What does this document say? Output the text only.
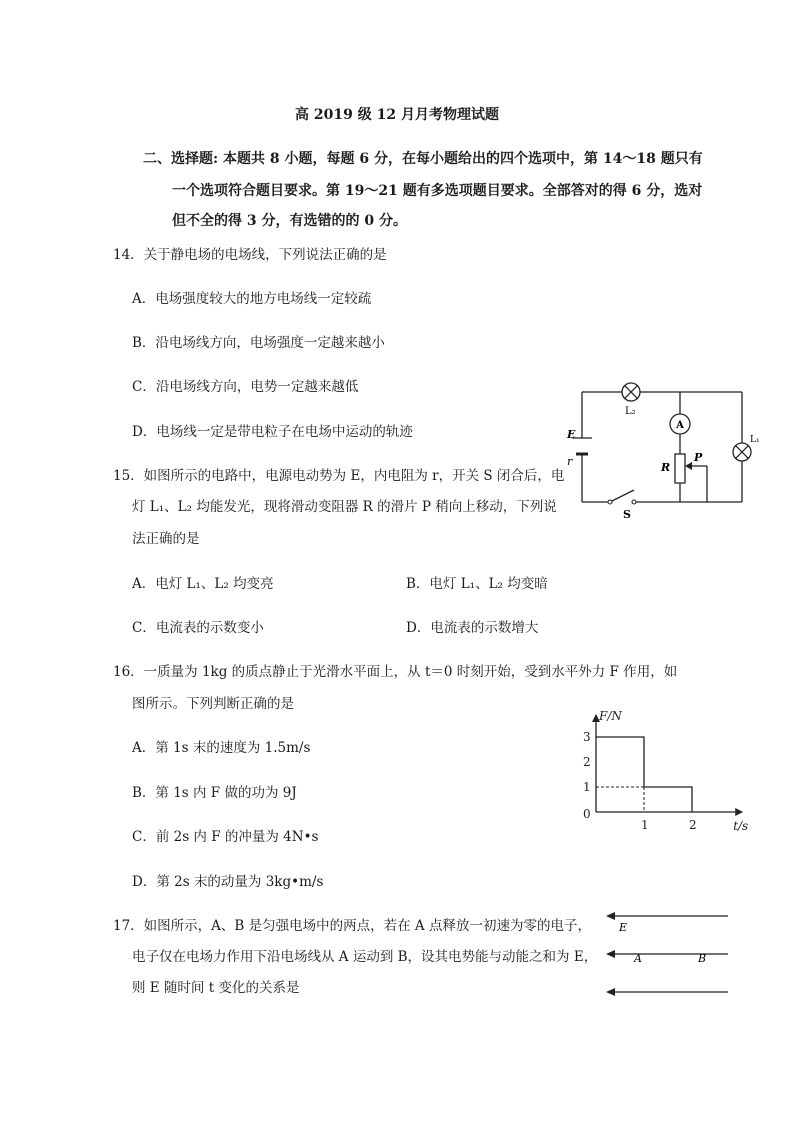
高 2019 级 12 月月考物理试题
二、选择题: 本题共 8 小题，每题 6 分，在每小题给出的四个选项中，第 14～18 题只有
一个选项符合题目要求。第 19～21 题有多选项题目要求。全部答对的得 6 分，选对
但不全的得 3 分，有选错的的 0 分。
14．关于静电场的电场线，下列说法正确的是
A．电场强度较大的地方电场线一定较疏
B．沿电场线方向，电场强度一定越来越小
C．沿电场线方向，电势一定越来越低
D．电场线一定是带电粒子在电场中运动的轨迹
15．如图所示的电路中，电源电动势为 E，内电阻为 r，开关 S 闭合后，电
灯 L₁、L₂ 均能发光，现将滑动变阻器 R 的滑片 P 稍向上移动，下列说
法正确的是
A．电灯 L₁、L₂ 均变亮	B．电灯 L₁、L₂ 均变暗
C．电流表的示数变小	D．电流表的示数增大
A
L₂
L₁
E
r	R
P
S
16．一质量为 1kg 的质点静止于光滑水平面上，从 t＝0 时刻开始，受到水平外力 F 作用，如
图所示。下列判断正确的是
A．第 1s 末的速度为 1.5m/s
B．第 1s 内 F 做的功为 9J
C．前 2s 内 F 的冲量为 4N•s
D．第 2s 末的动量为 3kg•m/s
1
2
3
1	2
0
F/N
t/s
17．如图所示，A、B 是匀强电场中的两点，若在 A 点释放一初速为零的电子，
电子仅在电场力作用下沿电场线从 A 运动到 B，设其电势能与动能之和为 E，
则 E 随时间 t 变化的关系是
E
A	B
